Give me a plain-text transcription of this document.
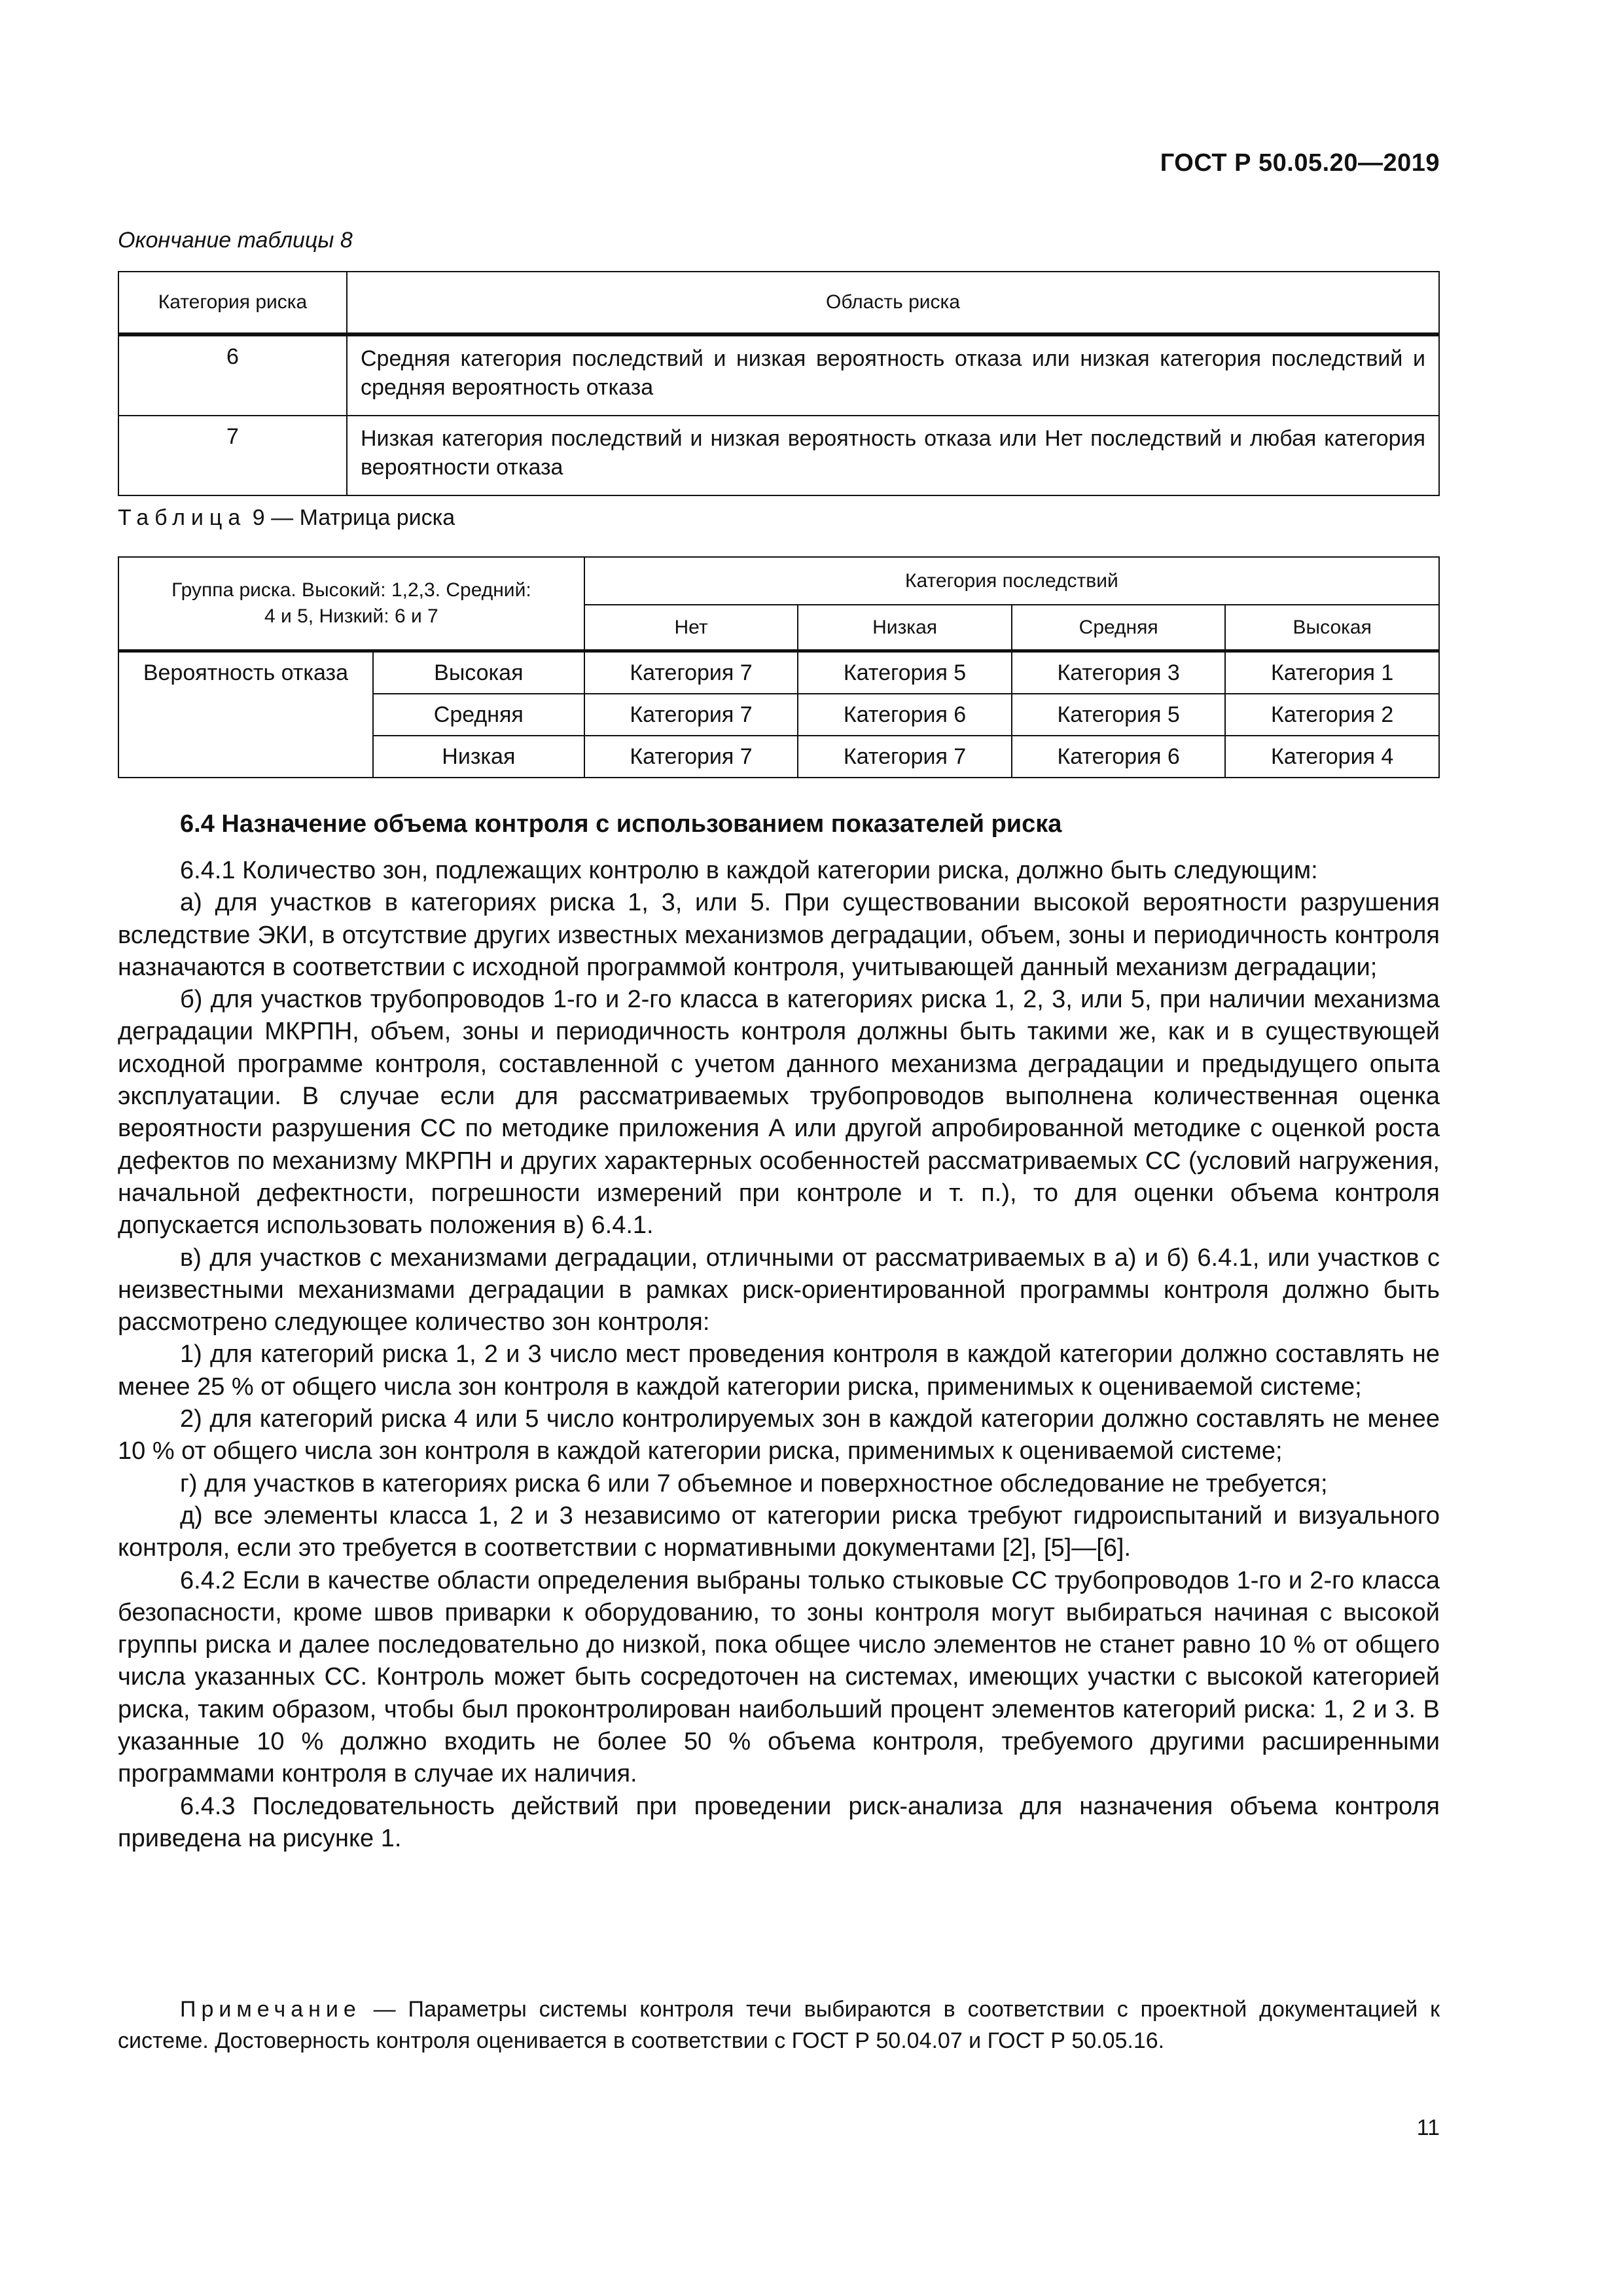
ГОСТ Р 50.05.20—2019
Окончание таблицы 8
Категория риска	Область риска
6	Средняя категория последствий и низкая вероятность отказа или низкая категория последствий и средняя вероятность отказа
7	Низкая категория последствий и низкая вероятность отказа или Нет последствий и любая категория вероятности отказа
Таблица 9 — Матрица риска
Группа риска. Высокий: 1,2,3. Средний: 4 и 5, Низкий: 6 и 7		Категория последствий			
		Нет	Низкая	Средняя	Высокая
Вероятность отказа	Высокая	Категория 7	Категория 5	Категория 3	Категория 1
	Средняя	Категория 7	Категория 6	Категория 5	Категория 2
	Низкая	Категория 7	Категория 7	Категория 6	Категория 4
6.4 Назначение объема контроля с использованием показателей риска

6.4.1 Количество зон, подлежащих контролю в каждой категории риска, должно быть следующим:

а) для участков в категориях риска 1, 3, или 5. При существовании высокой вероятности разрушения вследствие ЭКИ, в отсутствие других известных механизмов деградации, объем, зоны и периодичность контроля назначаются в соответствии с исходной программой контроля, учитывающей данный механизм деградации;

б) для участков трубопроводов 1-го и 2-го класса в категориях риска 1, 2, 3, или 5, при наличии механизма деградации МКРПН, объем, зоны и периодичность контроля должны быть такими же, как и в существующей исходной программе контроля, составленной с учетом данного механизма деградации и предыдущего опыта эксплуатации. В случае если для рассматриваемых трубопроводов выполнена количественная оценка вероятности разрушения СС по методике приложения А или другой апробированной методике с оценкой роста дефектов по механизму МКРПН и других характерных особенностей рассматриваемых СС (условий нагружения, начальной дефектности, погрешности измерений при контроле и т. п.), то для оценки объема контроля допускается использовать положения в) 6.4.1.

в) для участков с механизмами деградации, отличными от рассматриваемых в а) и б) 6.4.1, или участков с неизвестными механизмами деградации в рамках риск-ориентированной программы контроля должно быть рассмотрено следующее количество зон контроля:

1) для категорий риска 1, 2 и 3 число мест проведения контроля в каждой категории должно составлять не менее 25 % от общего числа зон контроля в каждой категории риска, применимых к оцениваемой системе;

2) для категорий риска 4 или 5 число контролируемых зон в каждой категории должно составлять не менее 10 % от общего числа зон контроля в каждой категории риска, применимых к оцениваемой системе;

г) для участков в категориях риска 6 или 7 объемное и поверхностное обследование не требуется;

д) все элементы класса 1, 2 и 3 независимо от категории риска требуют гидроиспытаний и визуального контроля, если это требуется в соответствии с нормативными документами [2], [5]—[6].

6.4.2 Если в качестве области определения выбраны только стыковые СС трубопроводов 1-го и 2-го класса безопасности, кроме швов приварки к оборудованию, то зоны контроля могут выбираться начиная с высокой группы риска и далее последовательно до низкой, пока общее число элементов не станет равно 10 % от общего числа указанных СС. Контроль может быть сосредоточен на системах, имеющих участки с высокой категорией риска, таким образом, чтобы был проконтролирован наибольший процент элементов категорий риска: 1, 2 и 3. В указанные 10 % должно входить не более 50 % объема контроля, требуемого другими расширенными программами контроля в случае их наличия.

6.4.3 Последовательность действий при проведении риск-анализа для назначения объема контроля приведена на рисунке 1.

Примечание — Параметры системы контроля течи выбираются в соответствии с проектной документацией к системе. Достоверность контроля оценивается в соответствии с ГОСТ Р 50.04.07 и ГОСТ Р 50.05.16.

11
